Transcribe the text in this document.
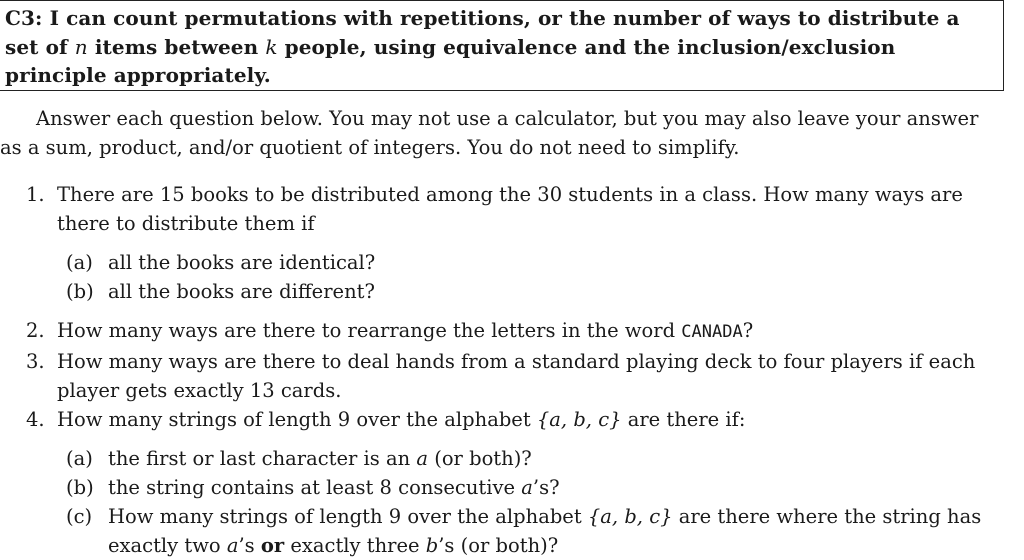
C3: I can count permutations with repetitions, or the number of ways to distribute a set of n items between k people, using equivalence and the inclusion/exclusion principle appropriately.
Answer each question below. You may not use a calculator, but you may also leave your answer
as a sum, product, and/or quotient of integers. You do not need to simplify.
1. There are 15 books to be distributed among the 30 students in a class. How many ways are there to distribute them if
(a) all the books are identical?
(b) all the books are different?
2. How many ways are there to rearrange the letters in the word CANADA?
3. How many ways are there to deal hands from a standard playing deck to four players if each player gets exactly 13 cards.
4. How many strings of length 9 over the alphabet {a, b, c} are there if:
(a) the first or last character is an a (or both)?
(b) the string contains at least 8 consecutive a’s?
(c) How many strings of length 9 over the alphabet {a, b, c} are there where the string has exactly two a’s or exactly three b’s (or both)?
